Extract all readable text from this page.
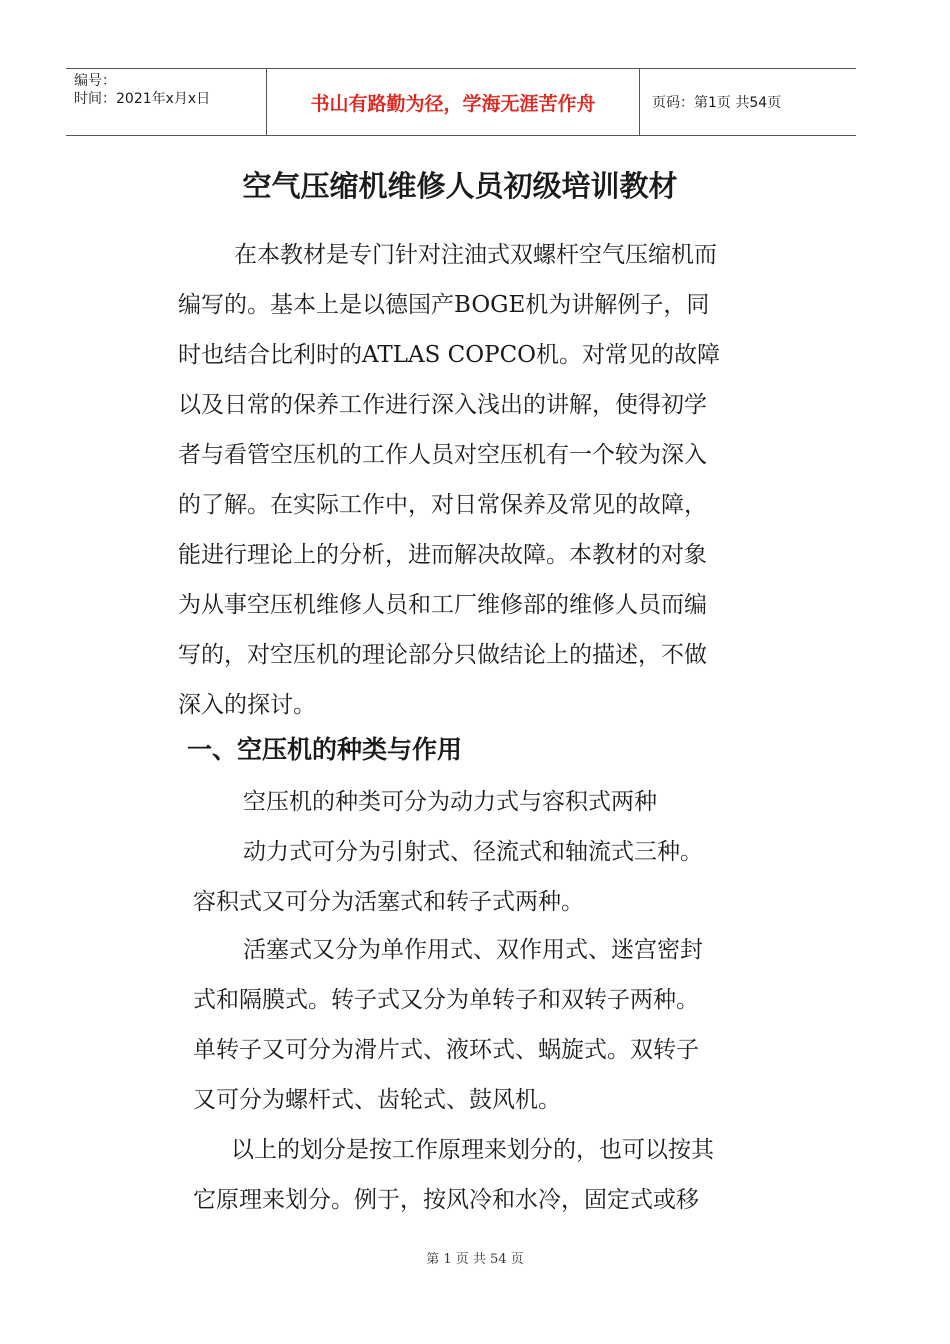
编号：
时间：2021年x月x日	书山有路勤为径，学海无涯苦作舟	页码：第1页 共54页
空气压缩机维修人员初级培训教材
在本教材是专门针对注油式双螺杆空气压缩机而
编写的。基本上是以德国产BOGE机为讲解例子，同
时也结合比利时的ATLAS COPCO机。对常见的故障
以及日常的保养工作进行深入浅出的讲解，使得初学
者与看管空压机的工作人员对空压机有一个较为深入
的了解。在实际工作中，对日常保养及常见的故障，
能进行理论上的分析，进而解决故障。本教材的对象
为从事空压机维修人员和工厂维修部的维修人员而编
写的，对空压机的理论部分只做结论上的描述，不做
深入的探讨。
一、空压机的种类与作用
空压机的种类可分为动力式与容积式两种
动力式可分为引射式、径流式和轴流式三种。
容积式又可分为活塞式和转子式两种。
活塞式又分为单作用式、双作用式、迷宫密封
式和隔膜式。转子式又分为单转子和双转子两种。
单转子又可分为滑片式、液环式、蜗旋式。双转子
又可分为螺杆式、齿轮式、鼓风机。
以上的划分是按工作原理来划分的，也可以按其
它原理来划分。例于，按风冷和水冷，固定式或移
第 1 页 共 54 页
